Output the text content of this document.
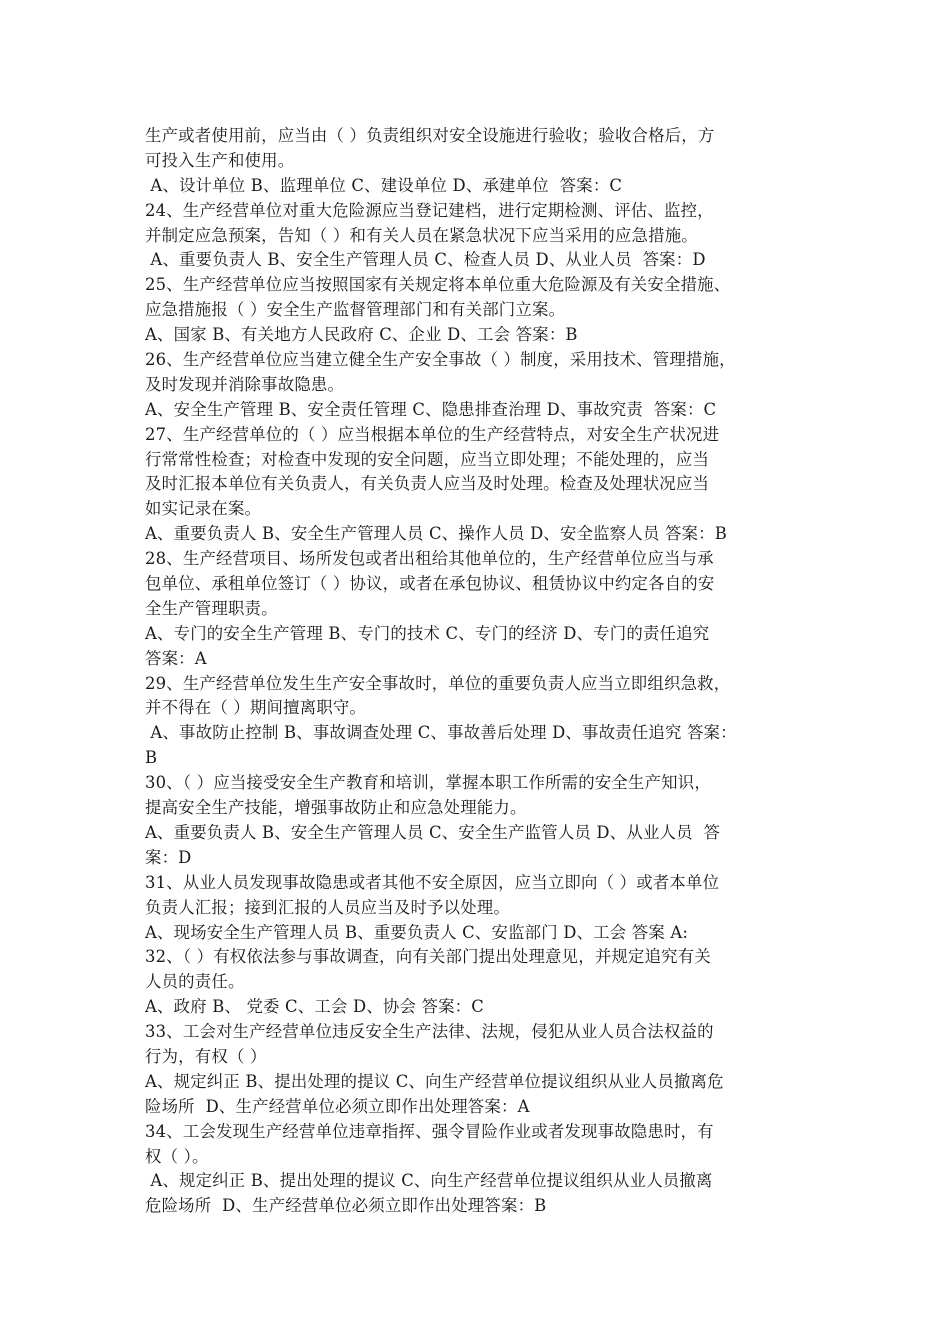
生产或者使用前，应当由（ ）负责组织对安全设施进行验收；验收合格后，方
可投入生产和使用。
A、设计单位 B、监理单位 C、建设单位 D、承建单位  答案：C
24、生产经营单位对重大危险源应当登记建档，进行定期检测、评估、监控，
并制定应急预案，告知（ ）和有关人员在紧急状况下应当采用的应急措施。
A、重要负责人 B、安全生产管理人员 C、检查人员 D、从业人员  答案：D
25、生产经营单位应当按照国家有关规定将本单位重大危险源及有关安全措施、
应急措施报（ ）安全生产监督管理部门和有关部门立案。
A、国家 B、有关地方人民政府 C、企业 D、工会 答案：B
26、生产经营单位应当建立健全生产安全事故（ ）制度，采用技术、管理措施，
及时发现并消除事故隐患。
A、安全生产管理 B、安全责任管理 C、隐患排查治理 D、事故究责  答案：C
27、生产经营单位的（ ）应当根据本单位的生产经营特点，对安全生产状况进
行常常性检查；对检查中发现的安全问题，应当立即处理；不能处理的，应当
及时汇报本单位有关负责人，有关负责人应当及时处理。检查及处理状况应当
如实记录在案。
A、重要负责人 B、安全生产管理人员 C、操作人员 D、安全监察人员 答案：B
28、生产经营项目、场所发包或者出租给其他单位的，生产经营单位应当与承
包单位、承租单位签订（ ）协议，或者在承包协议、租赁协议中约定各自的安
全生产管理职责。
A、专门的安全生产管理 B、专门的技术 C、专门的经济 D、专门的责任追究
答案：A
29、生产经营单位发生生产安全事故时，单位的重要负责人应当立即组织急救，
并不得在（ ）期间擅离职守。
A、事故防止控制 B、事故调查处理 C、事故善后处理 D、事故责任追究 答案：
B
30、（ ）应当接受安全生产教育和培训，掌握本职工作所需的安全生产知识，
提高安全生产技能，增强事故防止和应急处理能力。
A、重要负责人 B、安全生产管理人员 C、安全生产监管人员 D、从业人员  答
案：D
31、从业人员发现事故隐患或者其他不安全原因，应当立即向（ ）或者本单位
负责人汇报；接到汇报的人员应当及时予以处理。
A、现场安全生产管理人员 B、重要负责人 C、安监部门 D、工会 答案 A:
32、（ ）有权依法参与事故调查，向有关部门提出处理意见，并规定追究有关
人员的责任。
A、政府 B、 党委 C、工会 D、协会 答案：C
33、工会对生产经营单位违反安全生产法律、法规，侵犯从业人员合法权益的
行为，有权（ ）
A、规定纠正 B、提出处理的提议 C、向生产经营单位提议组织从业人员撤离危
险场所  D、生产经营单位必须立即作出处理答案：A
34、工会发现生产经营单位违章指挥、强令冒险作业或者发现事故隐患时，有
权（ ）。
A、规定纠正 B、提出处理的提议 C、向生产经营单位提议组织从业人员撤离
危险场所  D、生产经营单位必须立即作出处理答案：B
